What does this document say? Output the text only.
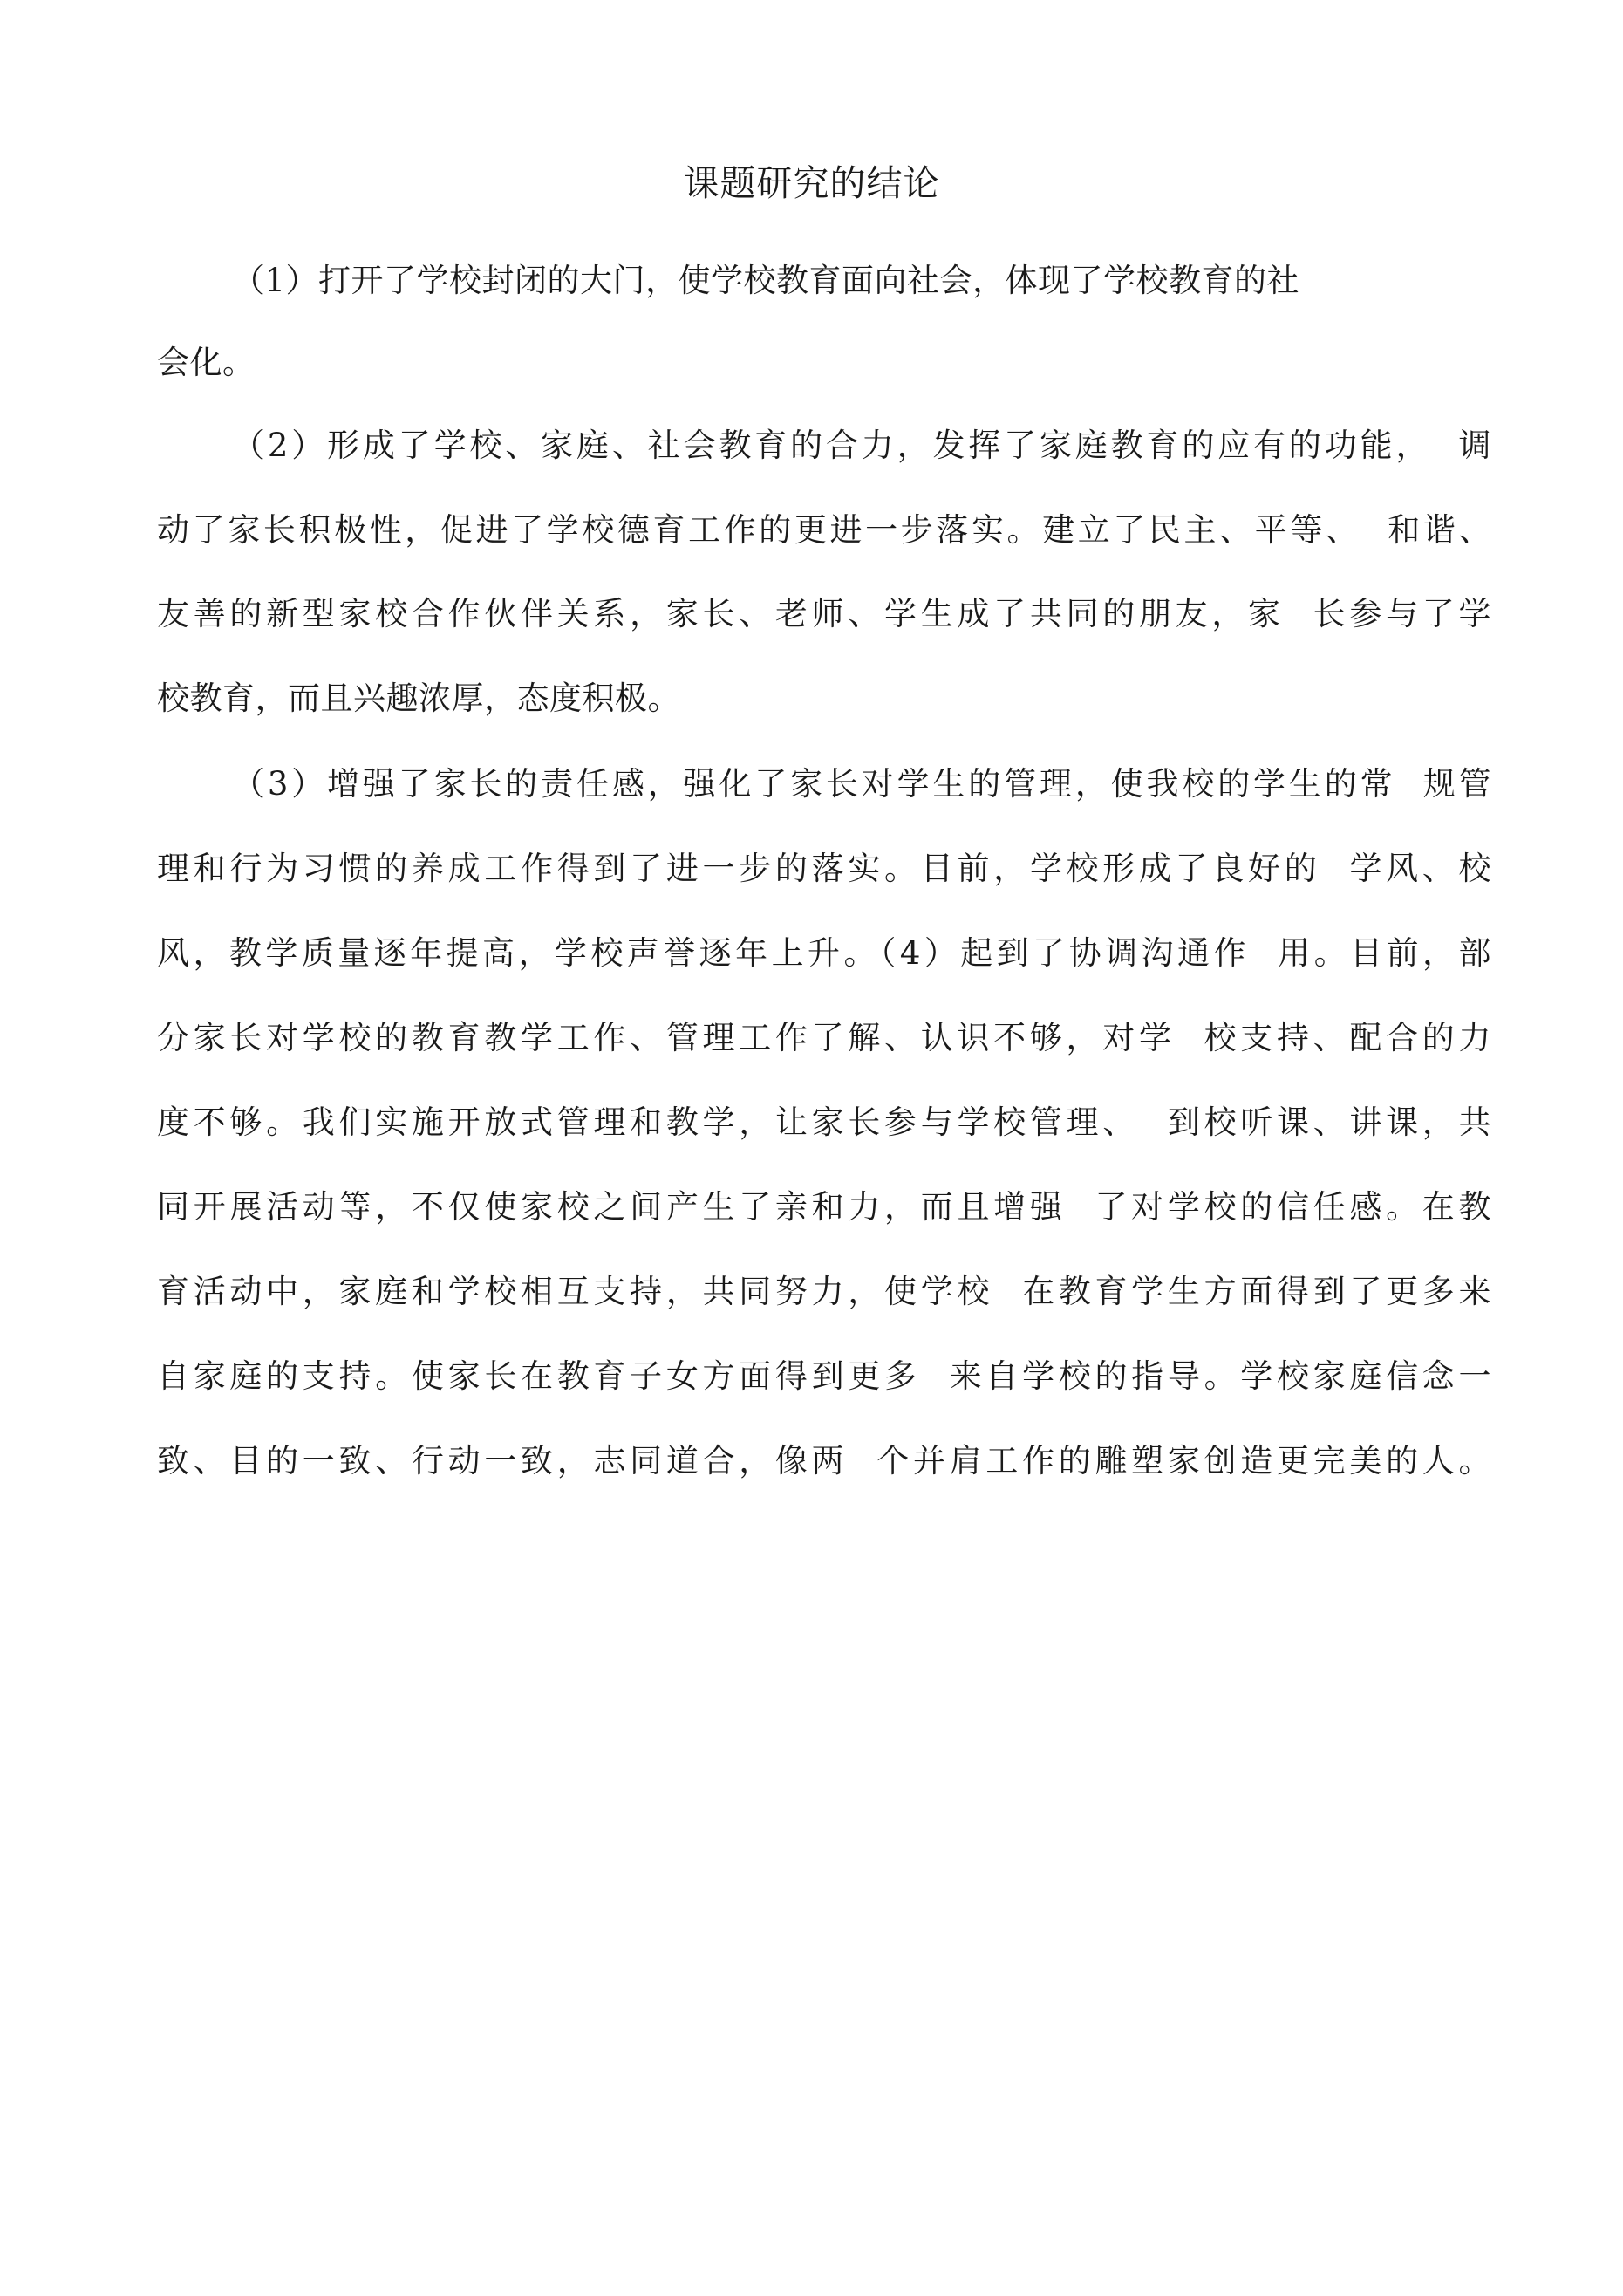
课题研究的结论
（1）打开了学校封闭的大门，使学校教育面向社会，体现了学校教育的社
会化。
（2）形成了学校、家庭、社会教育的合力，发挥了家庭教育的应有的功能，  调
动了家长积极性，促进了学校德育工作的更进一步落实。建立了民主、平等、  和谐、
友善的新型家校合作伙伴关系，家长、老师、学生成了共同的朋友，家  长参与了学
校教育，而且兴趣浓厚，态度积极。
（3）增强了家长的责任感，强化了家长对学生的管理，使我校的学生的常  规管
理和行为习惯的养成工作得到了进一步的落实。目前，学校形成了良好的  学风、校
风，教学质量逐年提高，学校声誉逐年上升。（4）起到了协调沟通作  用。目前，部
分家长对学校的教育教学工作、管理工作了解、认识不够，对学  校支持、配合的力
度不够。我们实施开放式管理和教学，让家长参与学校管理、  到校听课、讲课，共
同开展活动等，不仅使家校之间产生了亲和力，而且增强  了对学校的信任感。在教
育活动中，家庭和学校相互支持，共同努力，使学校  在教育学生方面得到了更多来
自家庭的支持。使家长在教育子女方面得到更多  来自学校的指导。学校家庭信念一
致、目的一致、行动一致，志同道合，像两  个并肩工作的雕塑家创造更完美的人。
